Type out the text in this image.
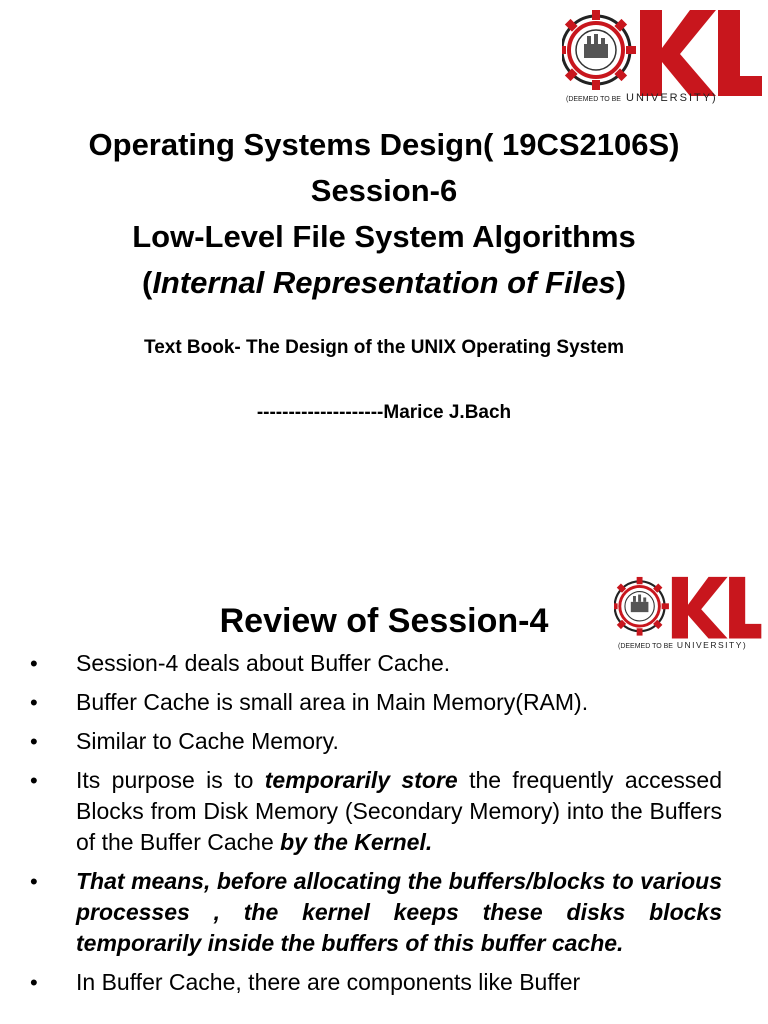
(DEEMED TO BE UNIVERSITY)
Operating Systems Design( 19CS2106S)
Session-6
Low-Level File System Algorithms
(Internal Representation of Files)
Text Book- The Design of the UNIX Operating System
--------------------Marice J.Bach
(DEEMED TO BE UNIVERSITY)
Review of Session-4
• Session-4 deals about Buffer Cache.
• Buffer Cache is small area in Main Memory(RAM).
• Similar to Cache Memory.
• Its purpose is to temporarily store the frequently accessed Blocks from Disk Memory (Secondary Memory) into the Buffers of the Buffer Cache by the Kernel.
• That means, before allocating the buffers/blocks to various processes , the kernel keeps these disks blocks temporarily inside the buffers of this buffer cache.
• In Buffer Cache, there are components like Buffer
